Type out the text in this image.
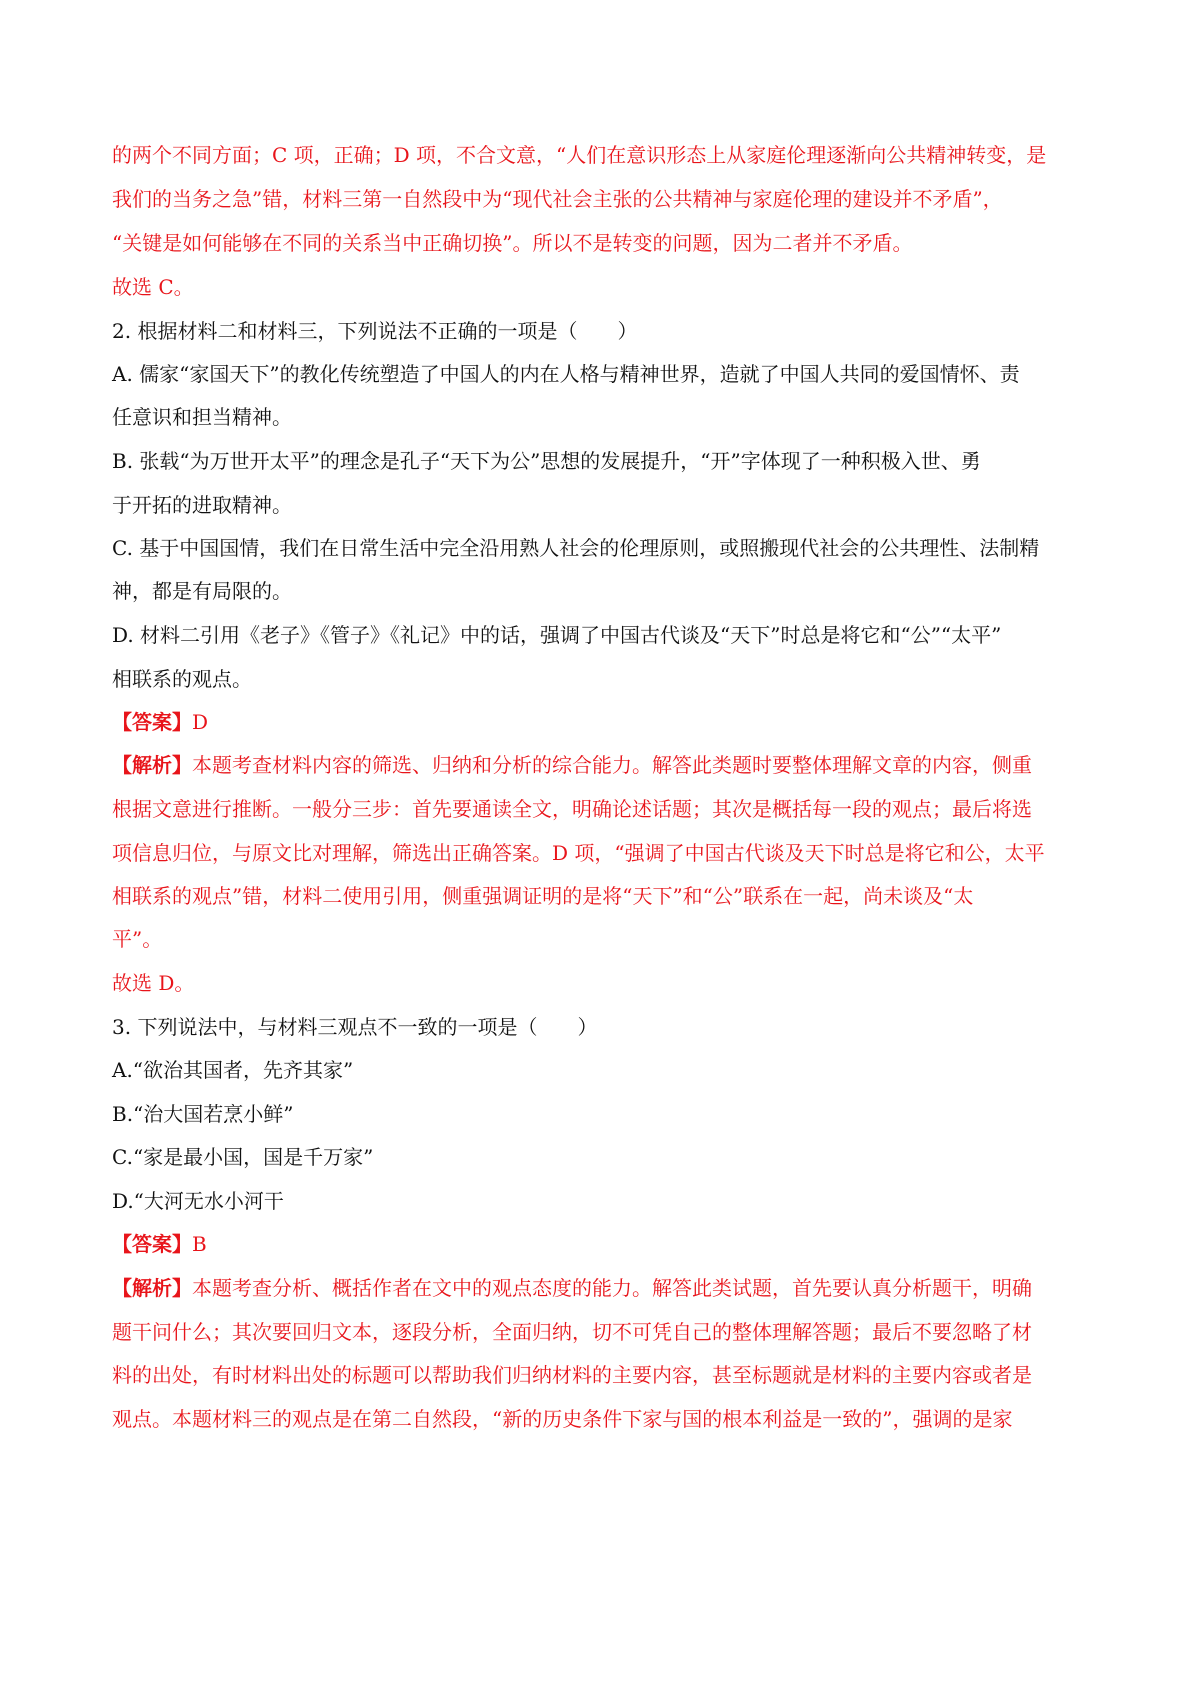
的两个不同方面；C 项，正确；D 项，不合文意，“人们在意识形态上从家庭伦理逐渐向公共精神转变，是
我们的当务之急”错，材料三第一自然段中为“现代社会主张的公共精神与家庭伦理的建设并不矛盾”，
“关键是如何能够在不同的关系当中正确切换”。所以不是转变的问题，因为二者并不矛盾。
故选 C。
2. 根据材料二和材料三，下列说法不正确的一项是（　　）
A. 儒家“家国天下”的教化传统塑造了中国人的内在人格与精神世界，造就了中国人共同的爱国情怀、责
任意识和担当精神。
B. 张载“为万世开太平”的理念是孔子“天下为公”思想的发展提升，“开”字体现了一种积极入世、勇
于开拓的进取精神。
C. 基于中国国情，我们在日常生活中完全沿用熟人社会的伦理原则，或照搬现代社会的公共理性、法制精
神，都是有局限的。
D. 材料二引用《老子》《管子》《礼记》中的话，强调了中国古代谈及“天下”时总是将它和“公”“太平”
相联系的观点。
【答案】D
【解析】本题考查材料内容的筛选、归纳和分析的综合能力。解答此类题时要整体理解文章的内容，侧重
根据文意进行推断。一般分三步：首先要通读全文，明确论述话题；其次是概括每一段的观点；最后将选
项信息归位，与原文比对理解，筛选出正确答案。D 项，“强调了中国古代谈及天下时总是将它和公，太平
相联系的观点”错，材料二使用引用，侧重强调证明的是将“天下”和“公”联系在一起，尚未谈及“太
平”。
故选 D。
3. 下列说法中，与材料三观点不一致的一项是（　　）
A.“欲治其国者，先齐其家”
B.“治大国若烹小鲜”
C.“家是最小国，国是千万家”
D.“大河无水小河干
【答案】B
【解析】本题考查分析、概括作者在文中的观点态度的能力。解答此类试题，首先要认真分析题干，明确
题干问什么；其次要回归文本，逐段分析，全面归纳，切不可凭自己的整体理解答题；最后不要忽略了材
料的出处，有时材料出处的标题可以帮助我们归纳材料的主要内容，甚至标题就是材料的主要内容或者是
观点。本题材料三的观点是在第二自然段，“新的历史条件下家与国的根本利益是一致的”，强调的是家
